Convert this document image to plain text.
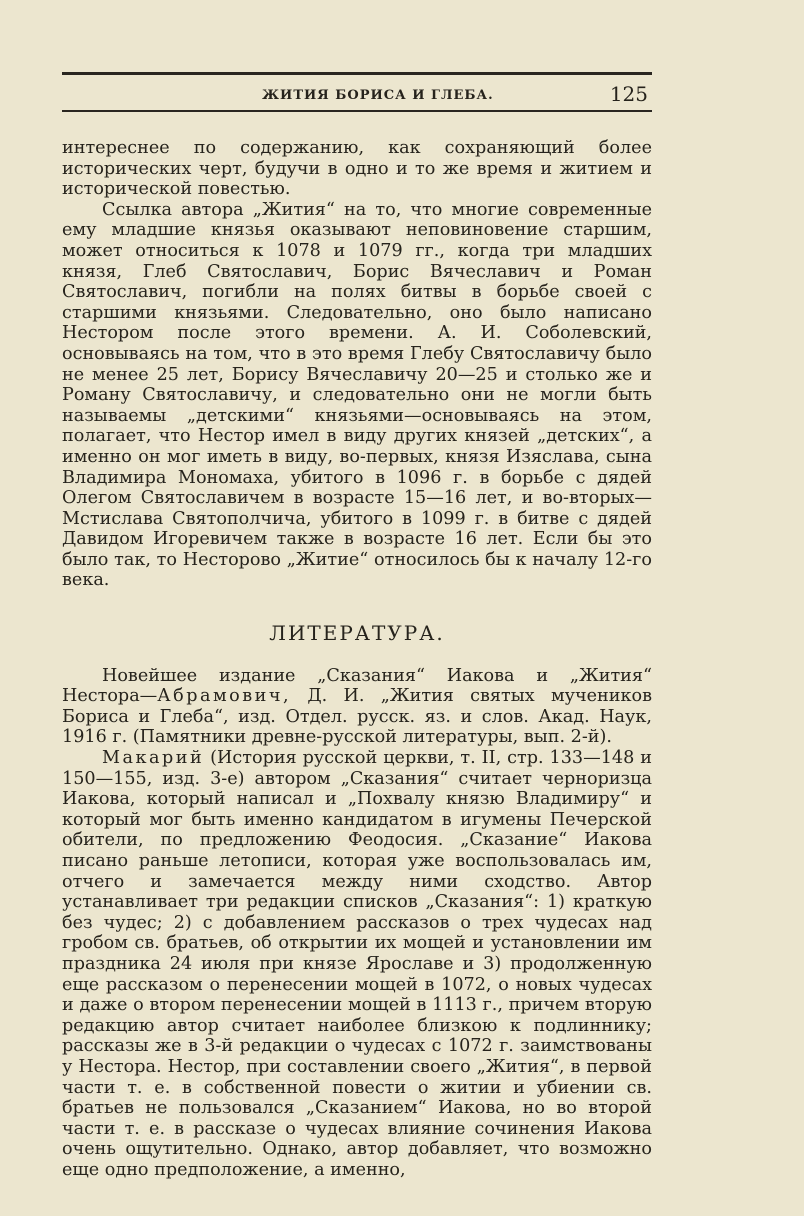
ЖИТИЯ БОРИСА И ГЛЕБА.	125

интереснее по содержанию, как сохраняющий более исторических черт, будучи в одно и то же время и житием и исторической повестью.

Ссылка автора „Жития“ на то, что многие современные ему младшие князья оказывают неповиновение старшим, может относиться к 1078 и 1079 гг., когда три младших князя, Глеб Святославич, Борис Вячеславич и Роман Святославич, погибли на полях битвы в борьбе своей с старшими князьями. Следовательно, оно было написано Нестором после этого времени. А. И. Соболевский, основываясь на том, что в это время Глебу Святославичу было не менее 25 лет, Борису Вячеславичу 20—25 и столько же и Роману Святославичу, и следовательно они не могли быть называемы „детскими“ князьями—основываясь на этом, полагает, что Нестор имел в виду других князей „детских“, а именно он мог иметь в виду, во-первых, князя Изяслава, сына Владимира Мономаха, убитого в 1096 г. в борьбе с дядей Олегом Святославичем в возрасте 15—16 лет, и во-вторых—Мстислава Святополчича, убитого в 1099 г. в битве с дядей Давидом Игоревичем также в возрасте 16 лет. Если бы это было так, то Несторово „Житие“ относилось бы к началу 12-го века.

ЛИТЕРАТУРА.

Новейшее издание „Сказания“ Иакова и „Жития“ Нестора—Абрамович, Д. И. „Жития святых мучеников Бориса и Глеба“, изд. Отдел. русск. яз. и слов. Акад. Наук, 1916 г. (Памятники древне-русской литературы, вып. 2-й).

Макарий (История русской церкви, т. II, стр. 133—148 и 150—155, изд. 3-е) автором „Сказания“ считает черноризца Иакова, который написал и „Похвалу князю Владимиру“ и который мог быть именно кандидатом в игумены Печерской обители, по предложению Феодосия. „Сказание“ Иакова писано раньше летописи, которая уже воспользовалась им, отчего и замечается между ними сходство. Автор устанавливает три редакции списков „Сказания“: 1) краткую без чудес; 2) с добавлением рассказов о трех чудесах над гробом св. братьев, об открытии их мощей и установлении им праздника 24 июля при князе Ярославе и 3) продолженную еще рассказом о перенесении мощей в 1072, о новых чудесах и даже о втором перенесении мощей в 1113 г., причем вторую редакцию автор считает наиболее близкою к подлиннику; рассказы же в 3-й редакции о чудесах с 1072 г. заимствованы у Нестора. Нестор, при составлении своего „Жития“, в первой части т. е. в собственной повести о житии и убиении св. братьев не пользовался „Сказанием“ Иакова, но во второй части т. е. в рассказе о чудесах влияние сочинения Иакова очень ощутительно. Однако, автор добавляет, что возможно еще одно предположение, а именно,
